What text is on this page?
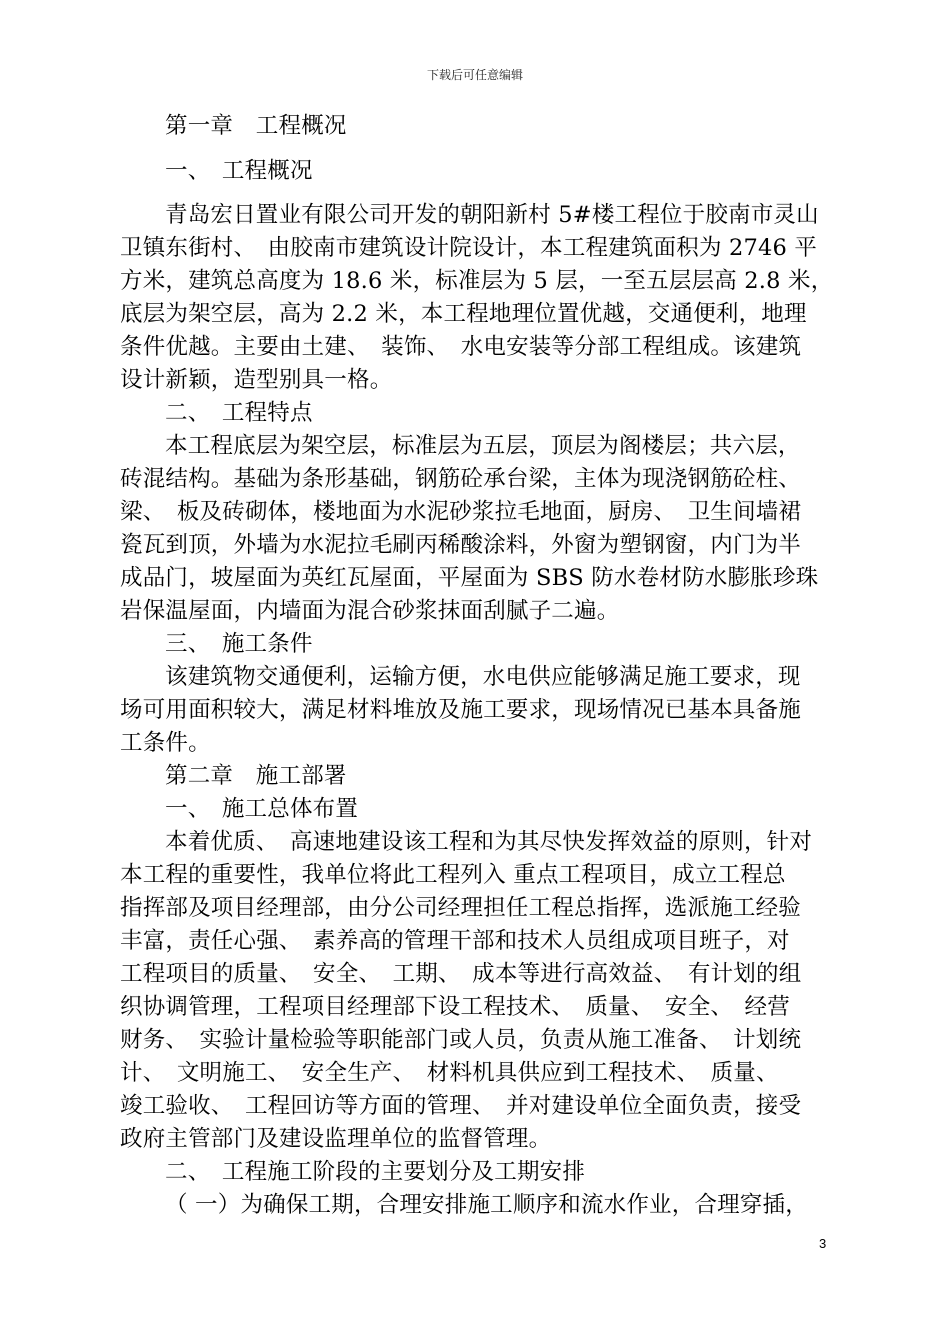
下载后可任意编辑
第一章　工程概况
一、　工程概况
青岛宏日置业有限公司开发的朝阳新村 5#楼工程位于胶南市灵山
卫镇东街村、　由胶南市建筑设计院设计，本工程建筑面积为 2746 平
方米，建筑总高度为 18.6 米，标准层为 5 层，一至五层层高 2.8 米，
底层为架空层，高为 2.2 米，本工程地理位置优越，交通便利，地理
条件优越。主要由土建、　装饰、　水电安装等分部工程组成。该建筑
设计新颖，造型别具一格。
二、　工程特点
本工程底层为架空层，标准层为五层，顶层为阁楼层；共六层，
砖混结构。基础为条形基础，钢筋砼承台梁，主体为现浇钢筋砼柱、
梁、　板及砖砌体，楼地面为水泥砂浆拉毛地面，厨房、　卫生间墙裙
瓷瓦到顶，外墙为水泥拉毛刷丙稀酸涂料，外窗为塑钢窗，内门为半
成品门，坡屋面为英红瓦屋面，平屋面为 SBS 防水卷材防水膨胀珍珠
岩保温屋面，内墙面为混合砂浆抹面刮腻子二遍。
三、　施工条件
该建筑物交通便利，运输方便，水电供应能够满足施工要求，现
场可用面积较大，满足材料堆放及施工要求，现场情况已基本具备施
工条件。
第二章　施工部署
一、　施工总体布置
本着优质、　高速地建设该工程和为其尽快发挥效益的原则，针对
本工程的重要性，我单位将此工程列入 重点工程项目，成立工程总
指挥部及项目经理部，由分公司经理担任工程总指挥，选派施工经验
丰富，责任心强、　素养高的管理干部和技术人员组成项目班子，对
工程项目的质量、　安全、　工期、　成本等进行高效益、　有计划的组
织协调管理，工程项目经理部下设工程技术、　质量、　安全、　经营
财务、　实验计量检验等职能部门或人员，负责从施工准备、　计划统
计、　文明施工、　安全生产、　材料机具供应到工程技术、　质量、
竣工验收、　工程回访等方面的管理、　并对建设单位全面负责，接受
政府主管部门及建设监理单位的监督管理。
二、　工程施工阶段的主要划分及工期安排
（ 一）为确保工期，合理安排施工顺序和流水作业，合理穿插，
3
